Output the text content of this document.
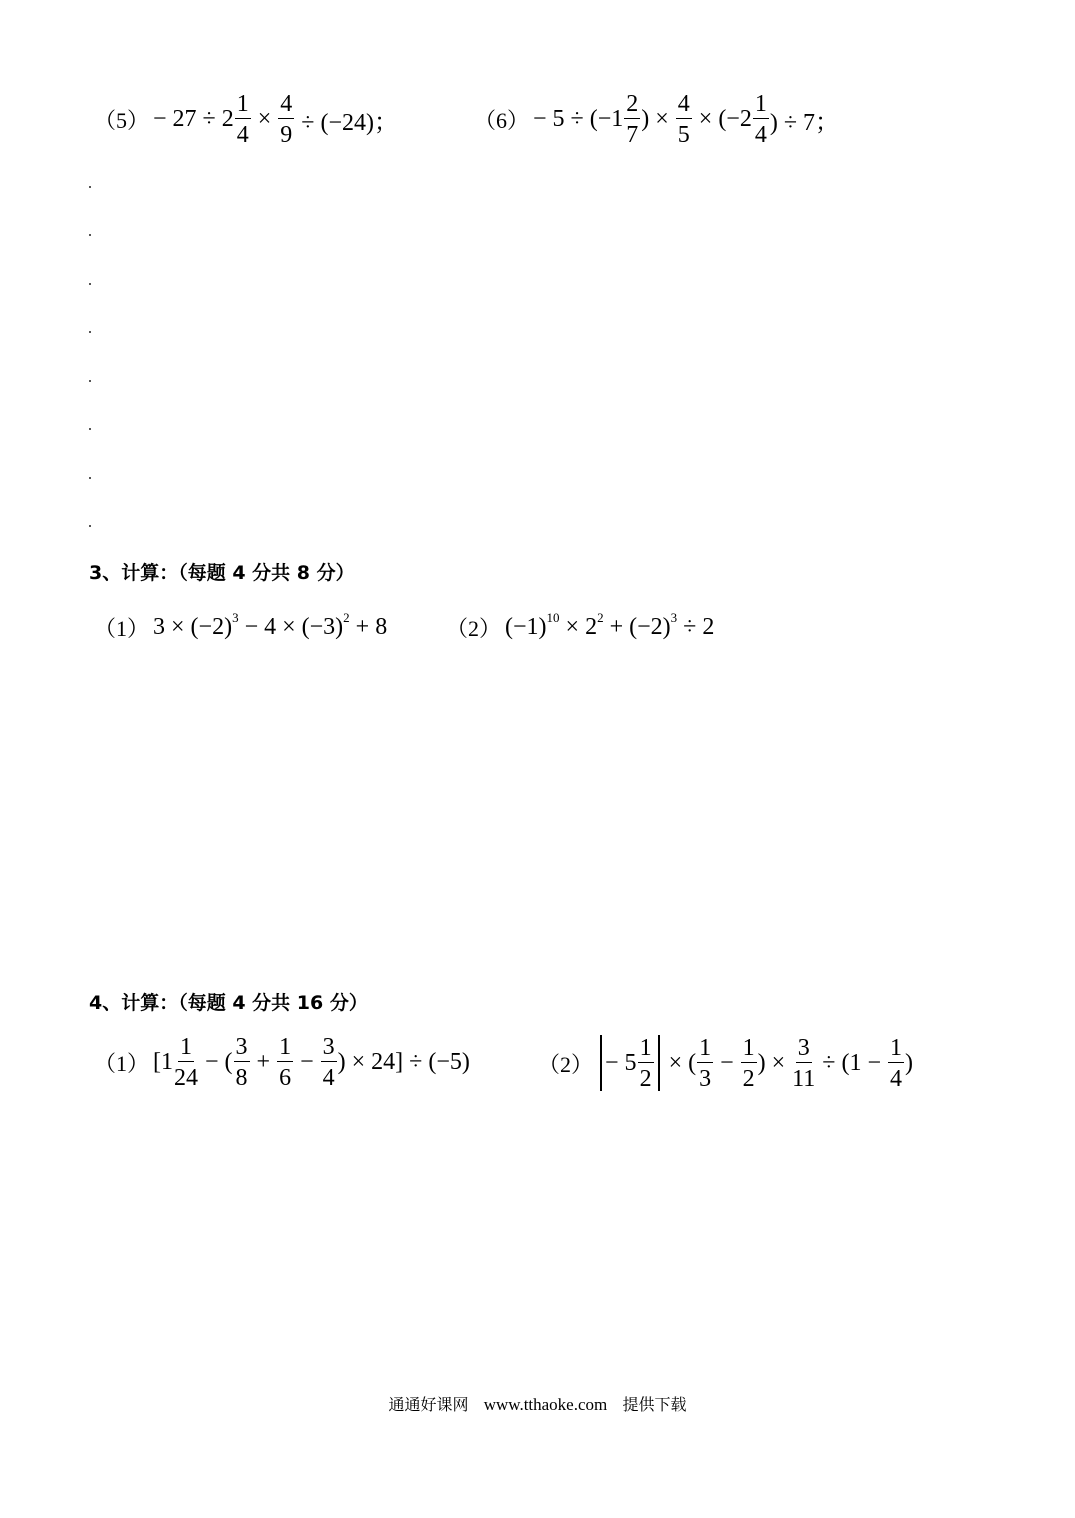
$(5) - 27 \div 2 \frac{1}{4} \times \frac{4}{9} \div (-24)$；	$(6) - 5 \div (-1 \frac{2}{7}$ ) × $\frac{4}{5} \times (-2 \frac{1}{4}$ ) ÷ 7；
3、计算：（每题 4 分共 8 分）
（1） $3 \times (-2)^3 - 4 \times (-3)^2 + 8$	（2） $(-1)^{10} \times 2^2 + (-2)^3 \div 2$
4、计算：（每题 4 分共 16 分）
（1） [$1 \frac{1}{24}$ − ( $\frac{3}{8} + \frac{1}{6} - \frac{3}{4}$ ) × 24] ÷ (−5)	$(2) - 5 \frac{1}{2}$ × ( $\frac{1}{3} - \frac{1}{2}$ ) × $\frac{3}{11} \div (1 - \frac{1}{4}$ )
通通好课网 www.tthaoke.com 提供下载
